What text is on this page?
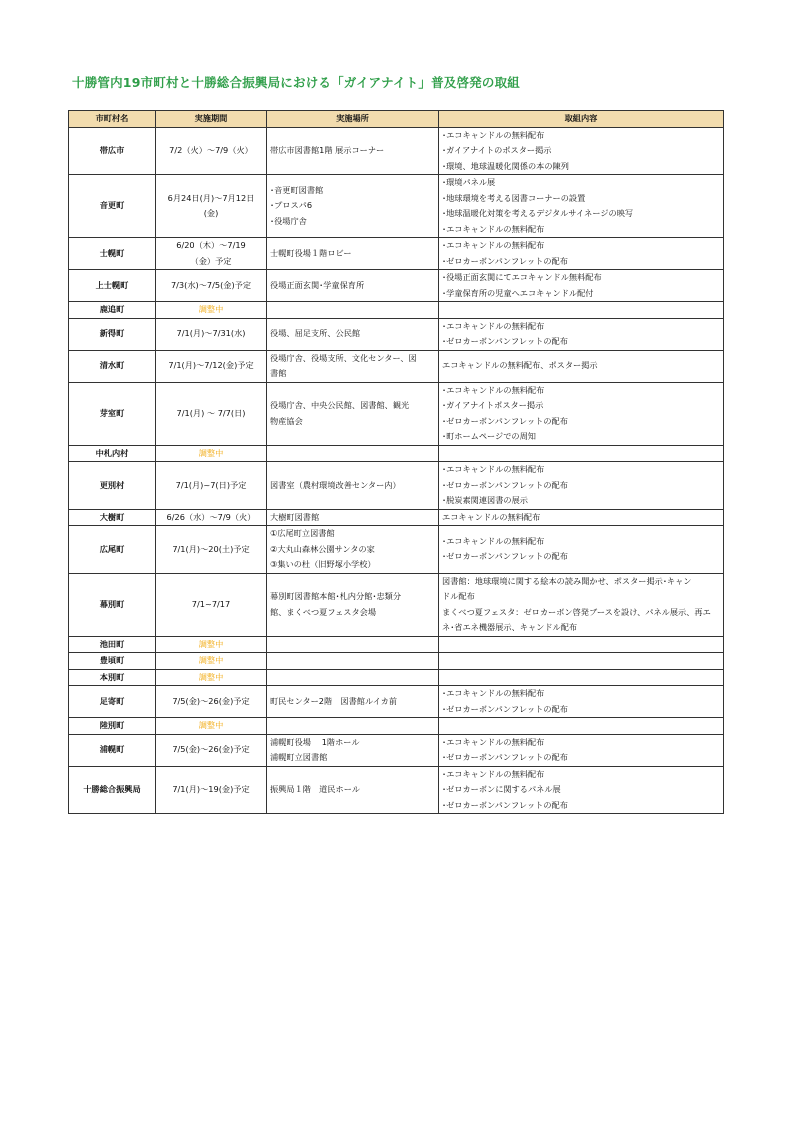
十勝管内19市町村と十勝総合振興局における「ガイアナイト」普及啓発の取組
市町村名	実施期間	実施場所	取組内容
帯広市	7/2（火）～7/9（火）	帯広市図書館1階 展示コーナー	･エコキャンドルの無料配布
･ガイアナイトのポスター掲示
･環境、地球温暖化関係の本の陳列

音更町	6月24日(月)～7月12日
(金)	･音更町図書館
･プロスパ6
･役場庁舎	･環境パネル展
･地球環境を考える図書コーナーの設置
･地球温暖化対策を考えるデジタルサイネージの映写
･エコキャンドルの無料配布

士幌町	6/20（木）～7/19
（金）予定	士幌町役場１階ロビー	･エコキャンドルの無料配布
･ゼロカーボンパンフレットの配布

上士幌町	7/3(水)～7/5(金)予定	役場正面玄関･学童保育所	･役場正面玄関にてエコキャンドル無料配布
･学童保育所の児童へエコキャンドル配付

鹿追町	調整中		

新得町	7/1(月)～7/31(水)	役場、屈足支所、公民館	･エコキャンドルの無料配布
･ゼロカーボンパンフレットの配布

清水町	7/1(月)～7/12(金)予定	役場庁舎、役場支所、文化センター、図
書館	エコキャンドルの無料配布、ポスター掲示

芽室町	7/1(月) ～ 7/7(日)	役場庁舎、中央公民館、図書館、観光
物産協会	･エコキャンドルの無料配布
･ガイアナイトポスター掲示
･ゼロカーボンパンフレットの配布
･町ホームページでの周知

中札内村	調整中		

更別村	7/1(月)~7(日)予定	図書室（農村環境改善センター内）	･エコキャンドルの無料配布
･ゼロカーボンパンフレットの配布
･脱炭素関連図書の展示

大樹町	6/26（水）～7/9（火）	大樹町図書館	エコキャンドルの無料配布

広尾町	7/1(月)～20(土)予定	①広尾町立図書館
②大丸山森林公園サンタの家
③集いの杜（旧野塚小学校）	･エコキャンドルの無料配布
･ゼロカーボンパンフレットの配布

幕別町	7/1~7/17	幕別町図書館本館･札内分館･忠類分
館、まくべつ夏フェスタ会場	図書館：地球環境に関する絵本の読み聞かせ、ポスター掲示･キャン
ドル配布
まくべつ夏フェスタ：ゼロカーボン啓発ブースを設け、パネル展示、再エ
ネ･省エネ機器展示、キャンドル配布

池田町	調整中		

豊頃町	調整中		

本別町	調整中		

足寄町	7/5(金)～26(金)予定	町民センター2階　図書館ルイカ前	･エコキャンドルの無料配布
･ゼロカーボンパンフレットの配布

陸別町	調整中		

浦幌町	7/5(金)～26(金)予定	浦幌町役場　 1階ホール
浦幌町立図書館	･エコキャンドルの無料配布
･ゼロカーボンパンフレットの配布

十勝総合振興局	7/1(月)～19(金)予定	振興局１階　道民ホール	･エコキャンドルの無料配布
･ゼロカーボンに関するパネル展
･ゼロカーボンパンフレットの配布
